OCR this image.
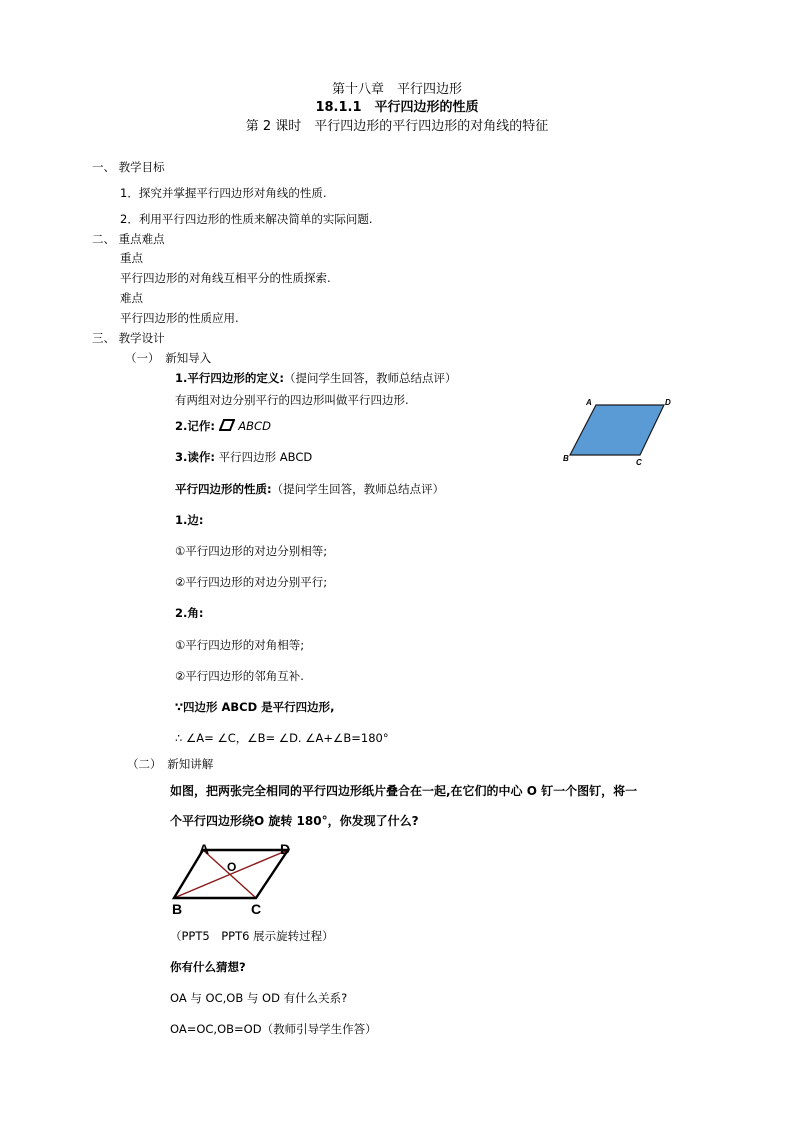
第十八章　平行四边形
18.1.1　平行四边形的性质
第 2 课时　平行四边形的平行四边形的对角线的特征
一、 教学目标
1．探究并掌握平行四边形对角线的性质.
2．利用平行四边形的性质来解决简单的实际问题.
二、 重点难点
重点
平行四边形的对角线互相平分的性质探索.
难点
平行四边形的性质应用.
三、 教学设计
（一）　新知导入
1.平行四边形的定义:（提问学生回答，教师总结点评）
有两组对边分别平行的四边形叫做平行四边形.
2.记作: ABCD
3.读作: 平行四边形 ABCD
平行四边形的性质:（提问学生回答，教师总结点评）
1.边:
①平行四边形的对边分别相等;
②平行四边形的对边分别平行;
2.角:
①平行四边形的对角相等;
②平行四边形的邻角互补.
∵四边形 ABCD 是平行四边形,
∴ ∠A= ∠C，∠B= ∠D. ∠A+∠B=180°
A	D
B	C
（二）　新知讲解
如图，把两张完全相同的平行四边形纸片叠合在一起,在它们的中心 O 钉一个图钉，将一
个平行四边形绕O 旋转 180°，你发现了什么?
A	D
O
B	C
（PPT5　PPT6 展示旋转过程）
你有什么猜想?
OA 与 OC,OB 与 OD 有什么关系?
OA=OC,OB=OD（教师引导学生作答）
